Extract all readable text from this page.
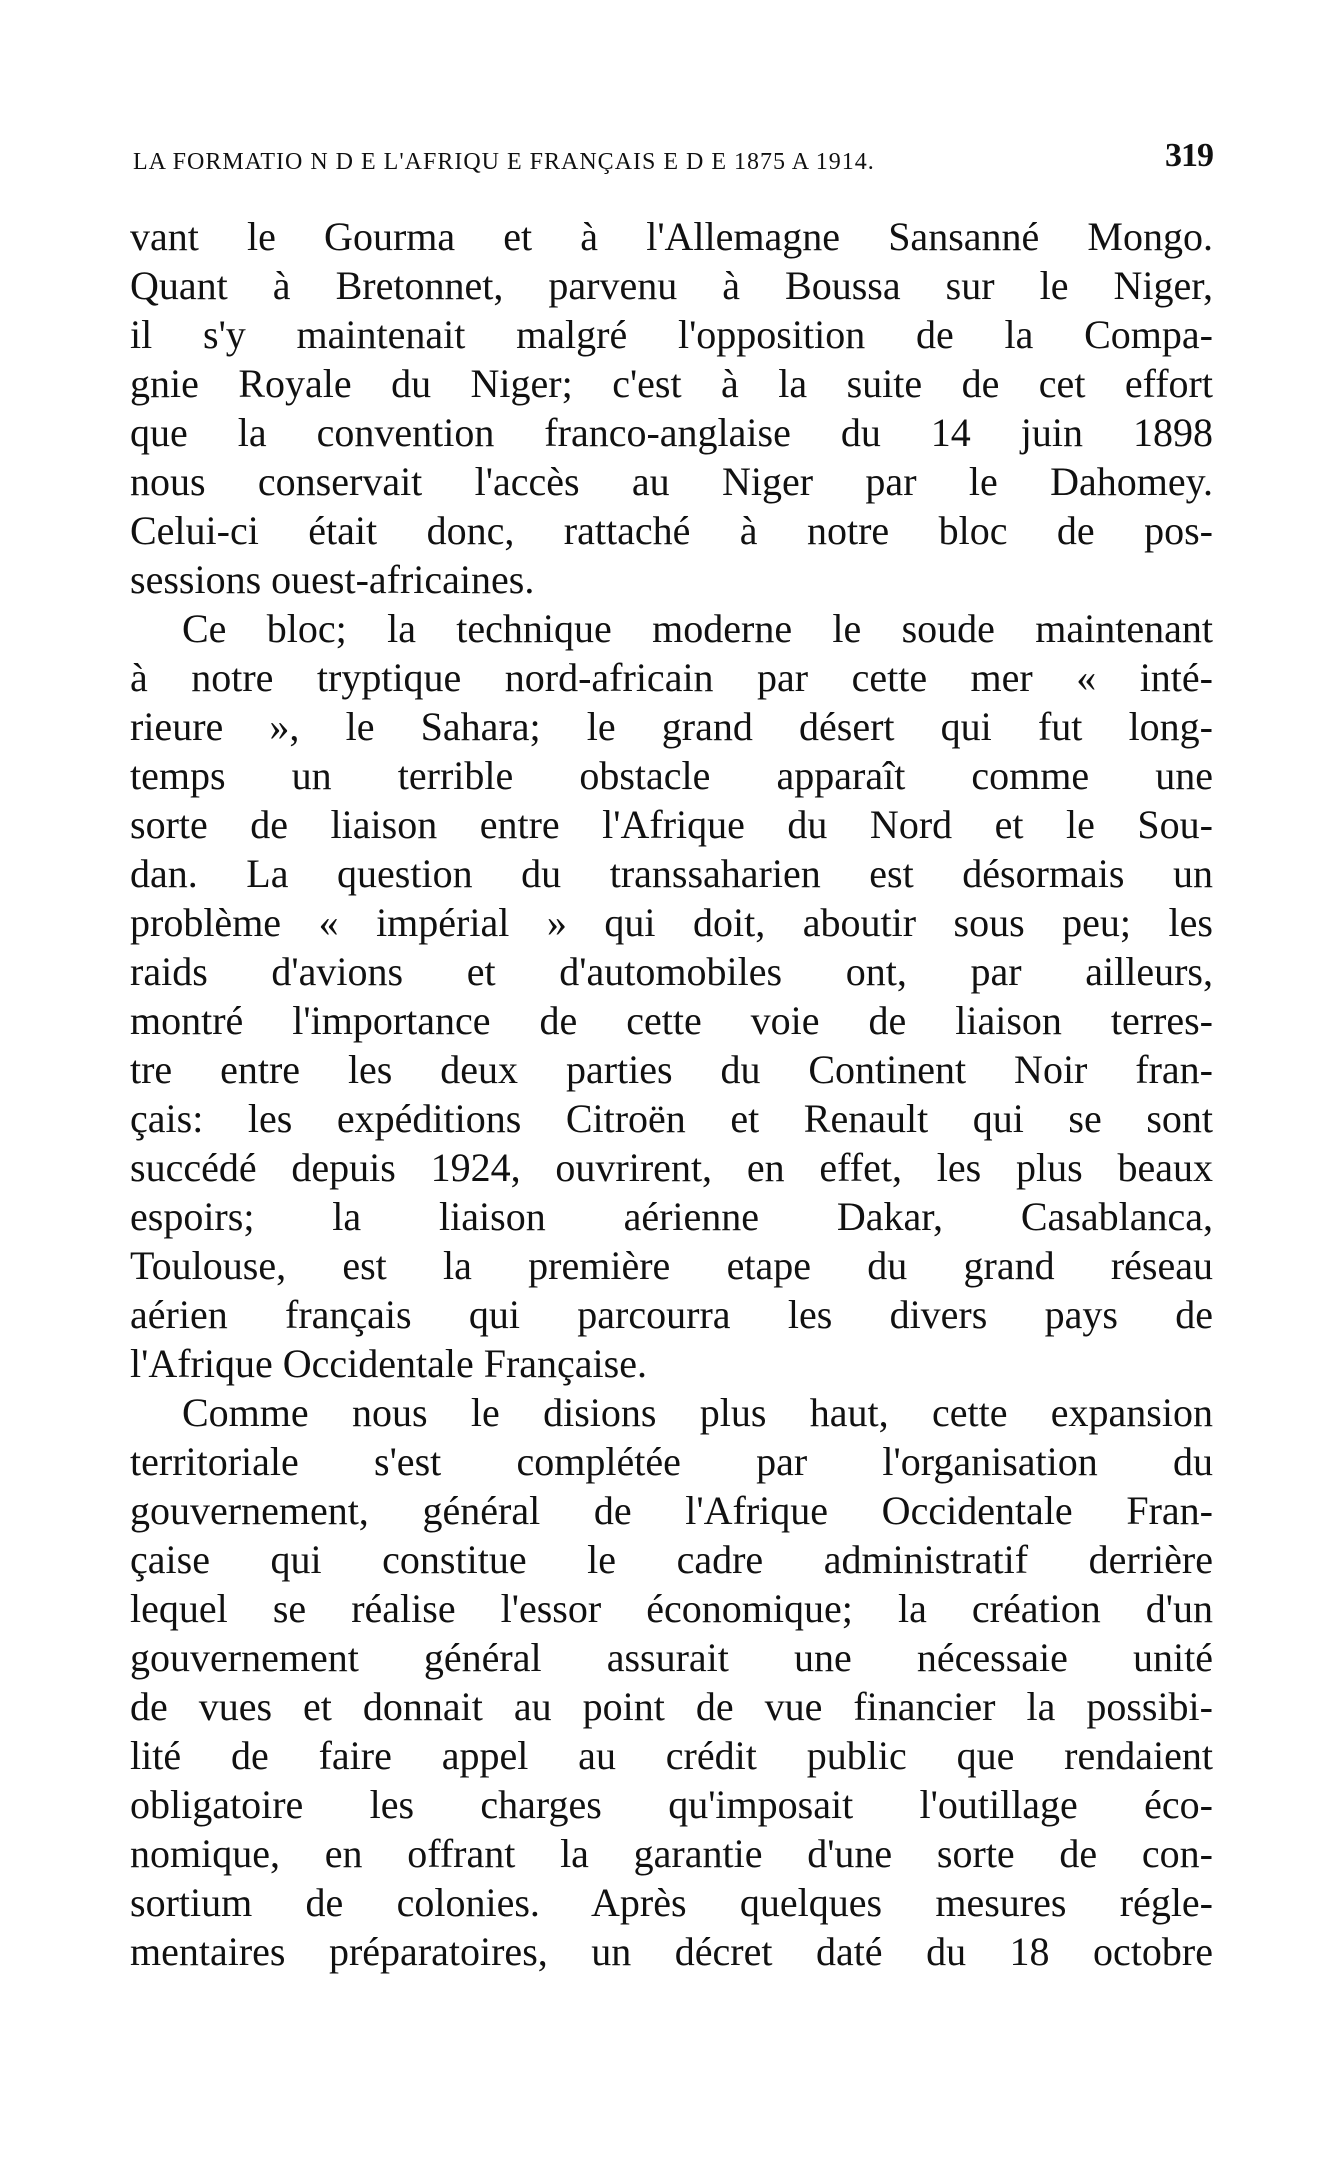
LA FORMATIO N D E L'AFRIQU E FRANÇAIS E D E 1875 A 1914.	319
vant le Gourma et à l'Allemagne Sansanné Mongo.
Quant à Bretonnet, parvenu à Boussa sur le Niger,
il s'y maintenait malgré l'opposition de la Compa-
gnie Royale du Niger; c'est à la suite de cet effort
que la convention franco-anglaise du 14 juin 1898
nous conservait l'accès au Niger par le Dahomey.
Celui-ci était donc, rattaché à notre bloc de pos-
sessions ouest-africaines.
Ce bloc; la technique moderne le soude maintenant
à notre tryptique nord-africain par cette mer « inté-
rieure », le Sahara; le grand désert qui fut long-
temps un terrible obstacle apparaît comme une
sorte de liaison entre l'Afrique du Nord et le Sou-
dan. La question du transsaharien est désormais un
problème « impérial » qui doit, aboutir sous peu; les
raids d'avions et d'automobiles ont, par ailleurs,
montré l'importance de cette voie de liaison terres-
tre entre les deux parties du Continent Noir fran-
çais: les expéditions Citroën et Renault qui se sont
succédé depuis 1924, ouvrirent, en effet, les plus beaux
espoirs; la liaison aérienne Dakar, Casablanca,
Toulouse, est la première etape du grand réseau
aérien français qui parcourra les divers pays de
l'Afrique Occidentale Française.
Comme nous le disions plus haut, cette expansion
territoriale s'est complétée par l'organisation du
gouvernement, général de l'Afrique Occidentale Fran-
çaise qui constitue le cadre administratif derrière
lequel se réalise l'essor économique; la création d'un
gouvernement général assurait une nécessaie unité
de vues et donnait au point de vue financier la possibi-
lité de faire appel au crédit public que rendaient
obligatoire les charges qu'imposait l'outillage éco-
nomique, en offrant la garantie d'une sorte de con-
sortium de colonies. Après quelques mesures régle-
mentaires préparatoires, un décret daté du 18 octobre
